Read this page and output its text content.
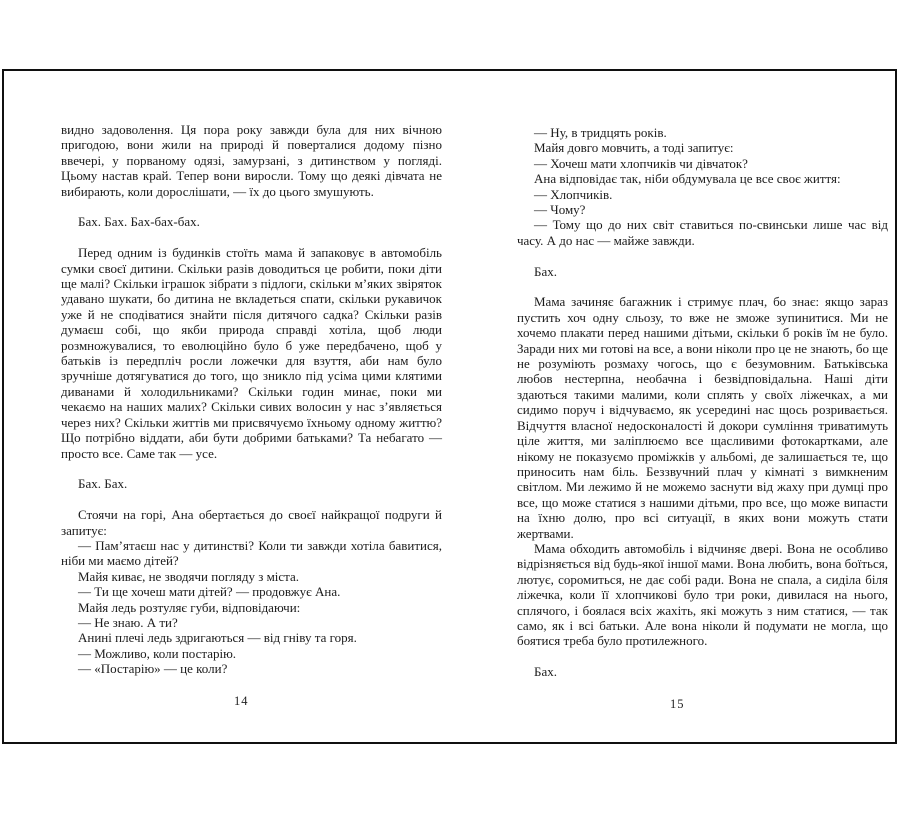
видно задоволення. Ця пора року завжди була для них вічною пригодою, вони жили на природі й поверталися додому пізно ввечері, у порваному одязі, замурзані, з дитинством у погляді. Цьому настав край. Тепер вони виросли. Тому що деякі дівчата не вибирають, коли дорослішати, — їх до цього змушують.

Бах. Бах. Бах-бах-бах.

Перед одним із будинків стоїть мама й запаковує в автомобіль сумки своєї дитини. Скільки разів доводиться це робити, поки діти ще малі? Скільки іграшок зібрати з підлоги, скільки м’яких звіряток удавано шукати, бо дитина не вкладеться спати, скільки рукавичок уже й не сподіватися знайти після дитячого садка? Скільки разів думаєш собі, що якби природа справді хотіла, щоб люди розмножувалися, то еволюційно було б уже передбачено, щоб у батьків із передпліч росли ложечки для взуття, аби нам було зручніше дотягуватися до того, що зникло під усіма цими клятими диванами й холодильниками? Скільки годин минає, поки ми чекаємо на наших малих? Скільки сивих волосин у нас з’являється через них? Скільки життів ми присвячуємо їхньому одному життю? Що потрібно віддати, аби бути добрими батьками? Та небагато — просто все. Саме так — усе.

Бах. Бах.

Стоячи на горі, Ана обертається до своєї найкращої подруги й запитує:

— Пам’ятаєш нас у дитинстві? Коли ти завжди хотіла бавитися, ніби ми маємо дітей?

Майя киває, не зводячи погляду з міста.

— Ти ще хочеш мати дітей? — продовжує Ана.

Майя ледь розтуляє губи, відповідаючи:

— Не знаю. А ти?

Анині плечі ледь здригаються — від гніву та горя.

— Можливо, коли постарію.

— «Постарію» — це коли?

— Ну, в тридцять років.

Майя довго мовчить, а тоді запитує:

— Хочеш мати хлопчиків чи дівчаток?

Ана відповідає так, ніби обдумувала це все своє життя:

— Хлопчиків.

— Чому?

— Тому що до них світ ставиться по-свинськи лише час від часу. А до нас — майже завжди.

Бах.

Мама зачиняє багажник і стримує плач, бо знає: якщо зараз пустить хоч одну сльозу, то вже не зможе зупинитися. Ми не хочемо плакати перед нашими дітьми, скільки б років їм не було. Заради них ми готові на все, а вони ніколи про це не знають, бо ще не розуміють розмаху чогось, що є безумовним. Батьківська любов нестерпна, необачна і безвідповідальна. Наші діти здаються такими малими, коли сплять у своїх ліжечках, а ми сидимо поруч і відчуваємо, як усередині нас щось розривається. Відчуття власної недосконалості й докори сумління триватимуть ціле життя, ми заліплюємо все щасливими фотокартками, але нікому не показуємо проміжків у альбомі, де залишається те, що приносить нам біль. Беззвучний плач у кімнаті з вимкненим світлом. Ми лежимо й не можемо заснути від жаху при думці про все, що може статися з нашими дітьми, про все, що може випасти на їхню долю, про всі ситуації, в яких вони можуть стати жертвами.

Мама обходить автомобіль і відчиняє двері. Вона не особливо відрізняється від будь-якої іншої мами. Вона любить, вона боїться, лютує, соромиться, не дає собі ради. Вона не спала, а сиділа біля ліжечка, коли її хлопчикові було три роки, дивилася на нього, сплячого, і боялася всіх жахіть, які можуть з ним статися, — так само, як і всі батьки. Але вона ніколи й подумати не могла, що боятися треба було протилежного.

Бах.

14	15
